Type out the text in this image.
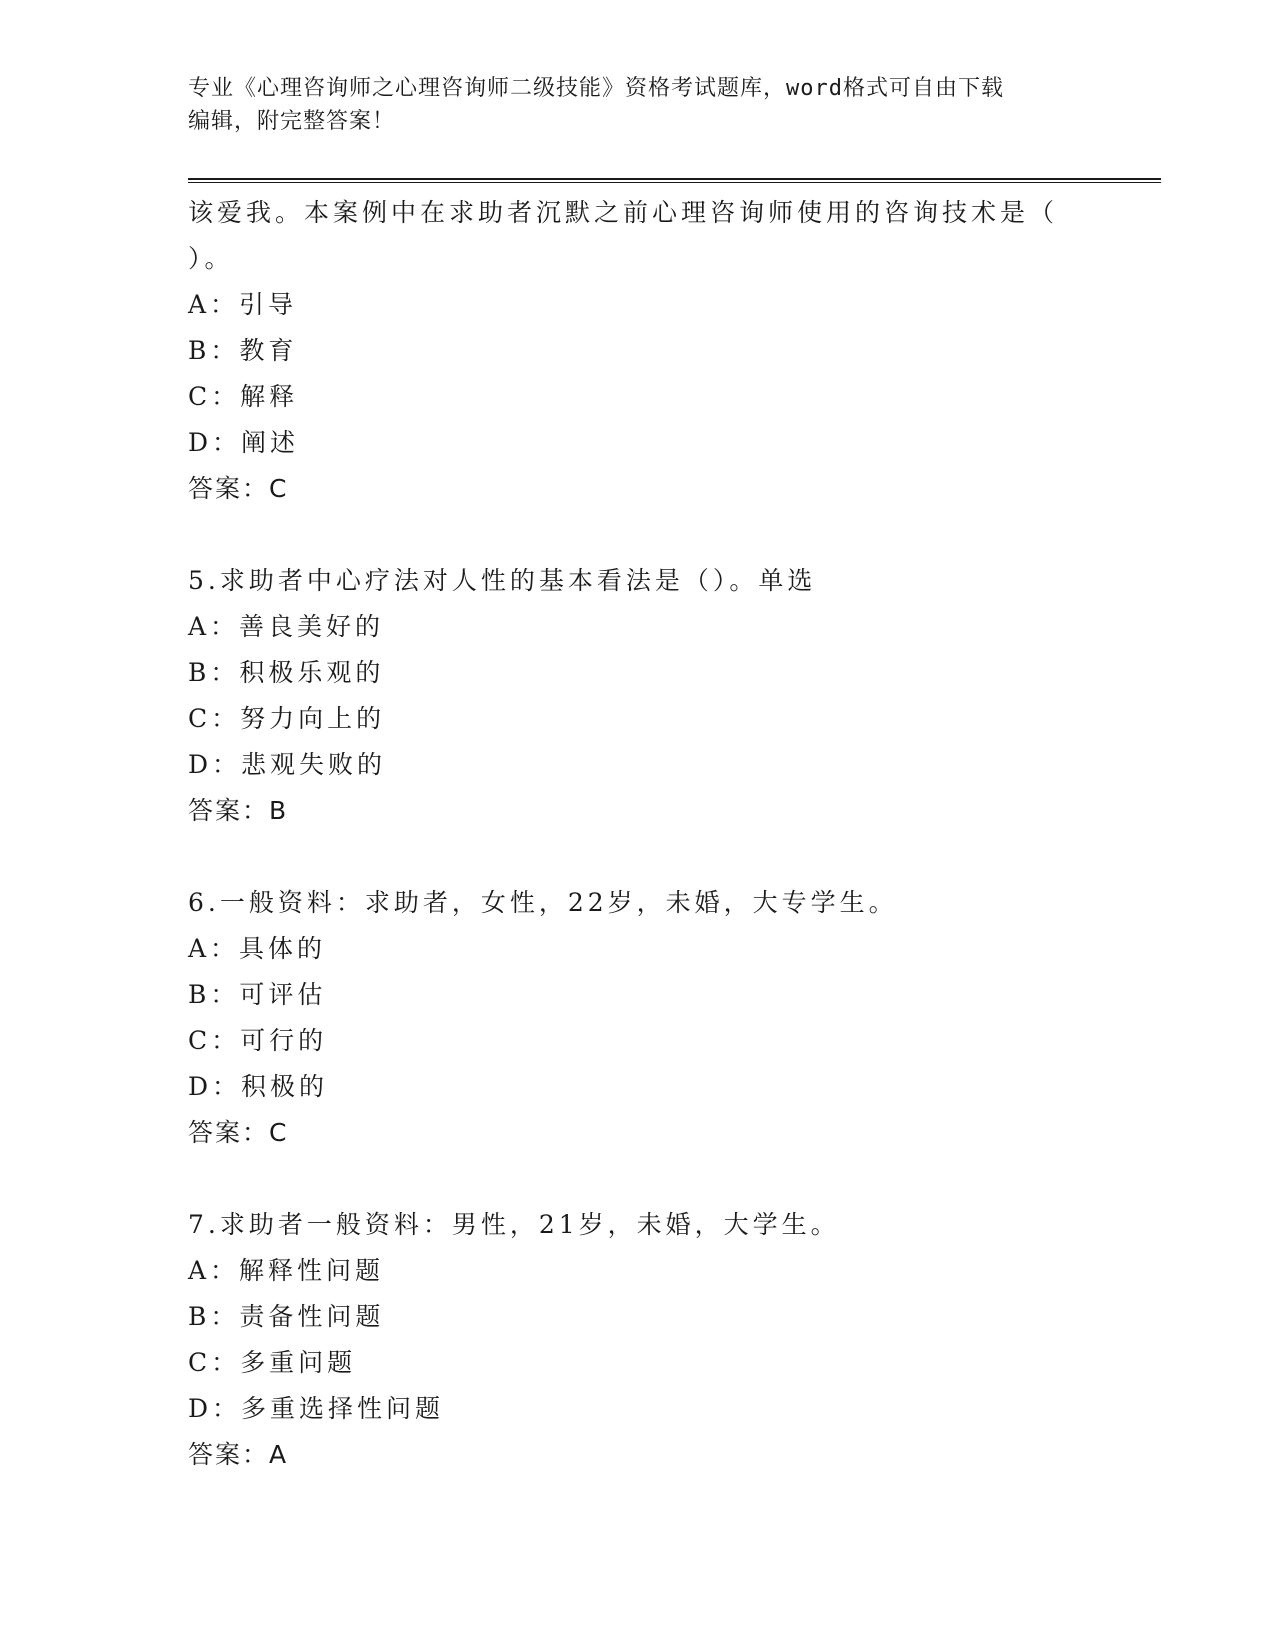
专业《心理咨询师之心理咨询师二级技能》资格考试题库，word格式可自由下载
编辑，附完整答案！
该爱我。本案例中在求助者沉默之前心理咨询师使用的咨询技术是（
）。
A：引导
B：教育
C：解释
D：阐述
答案：C
5.求助者中心疗法对人性的基本看法是（）。单选
A：善良美好的
B：积极乐观的
C：努力向上的
D：悲观失败的
答案：B
6.一般资料：求助者，女性，22岁，未婚，大专学生。
A：具体的
B：可评估
C：可行的
D：积极的
答案：C
7.求助者一般资料：男性，21岁，未婚，大学生。
A：解释性问题
B：责备性问题
C：多重问题
D：多重选择性问题
答案：A
